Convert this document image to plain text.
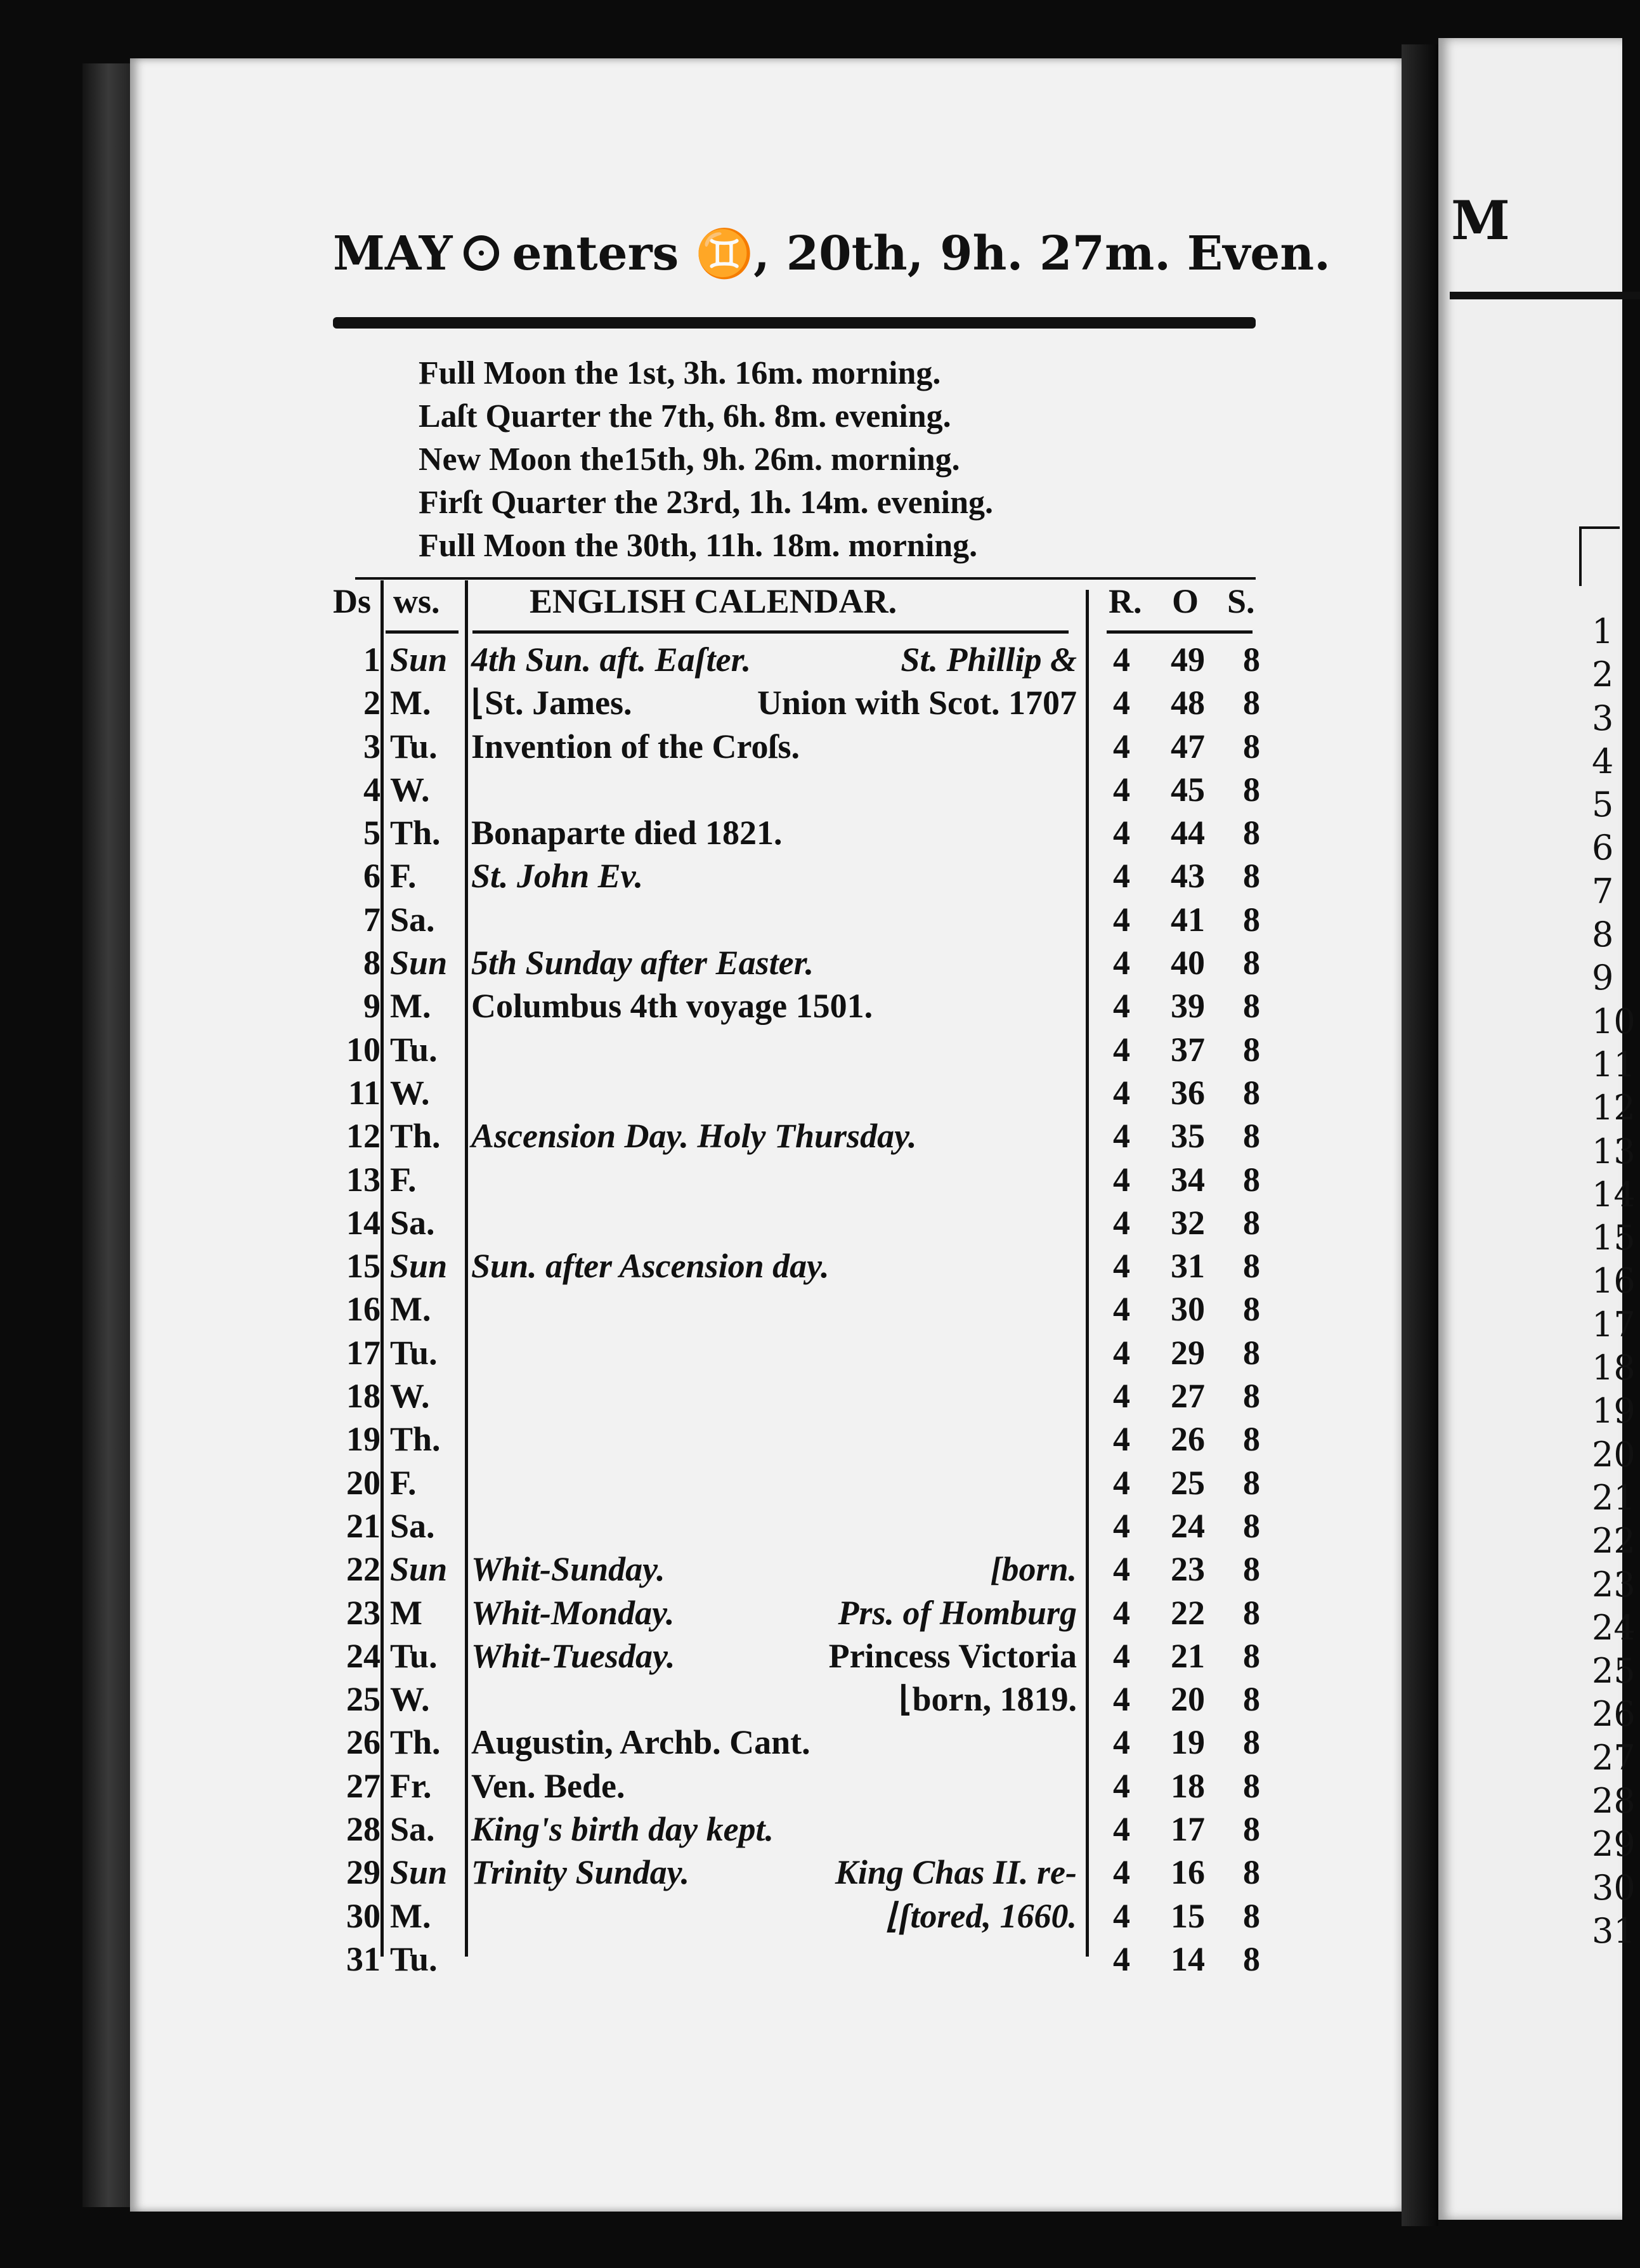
MAY enters ♊, 20th, 9h. 27m. Even.
Full Moon the 1st, 3h. 16m. morning.
Laſt Quarter the 7th, 6h. 8m. evening.
New Moon the15th, 9h. 26m. morning.
Firſt Quarter the 23rd, 1h. 14m. evening.
Full Moon the 30th, 11h. 18m. morning.
Ds ws.	ENGLISH CALENDAR.	R. O S.
1 Sun 4th Sun. aft. Eaſter.	St. Phillip & 4 49 8
2 M. ⌊St. James.	Union with Scot. 1707 4 48 8
3 Tu. Invention of the Croſs.	4 47 8
4 W.	4 45 8
5 Th. Bonaparte died 1821.	4 44 8
6 F. St. John Ev.	4 43 8
7 Sa.	4 41 8
8 Sun 5th Sunday after Easter.	4 40 8
9 M. Columbus 4th voyage 1501.	4 39 8
10 Tu.	4 37 8
11 W.	4 36 8
12 Th. Ascension Day. Holy Thursday.	4 35 8
13 F.	4 34 8
14 Sa.	4 32 8
15 Sun Sun. after Ascension day.	4 31 8
16 M.	4 30 8
17 Tu.	4 29 8
18 W.	4 27 8
19 Th.	4 26 8
20 F.	4 25 8
21 Sa.	4 24 8
22 Sun Whit-Sunday.	[born. 4 23 8
23 M Whit-Monday.	Prs. of Homburg 4 22 8
24 Tu. Whit-Tuesday.	Princess Victoria 4 21 8
25 W.	⌊born, 1819. 4 20 8
26 Th. Augustin, Archb. Cant.	4 19 8
27 Fr. Ven. Bede.	4 18 8
28 Sa. King's birth day kept.	4 17 8
29 Sun Trinity Sunday.	King Chas II. re- 4 16 8
30 M.	⌊ſtored, 1660. 4 15 8
31 Tu.	4 14 8
M
1
2
3
4
5
6
7
8
9
10
11
12
13
14
15
16
17
18
19
20
21
22
23
24
25
26
27
28
29
30
31
